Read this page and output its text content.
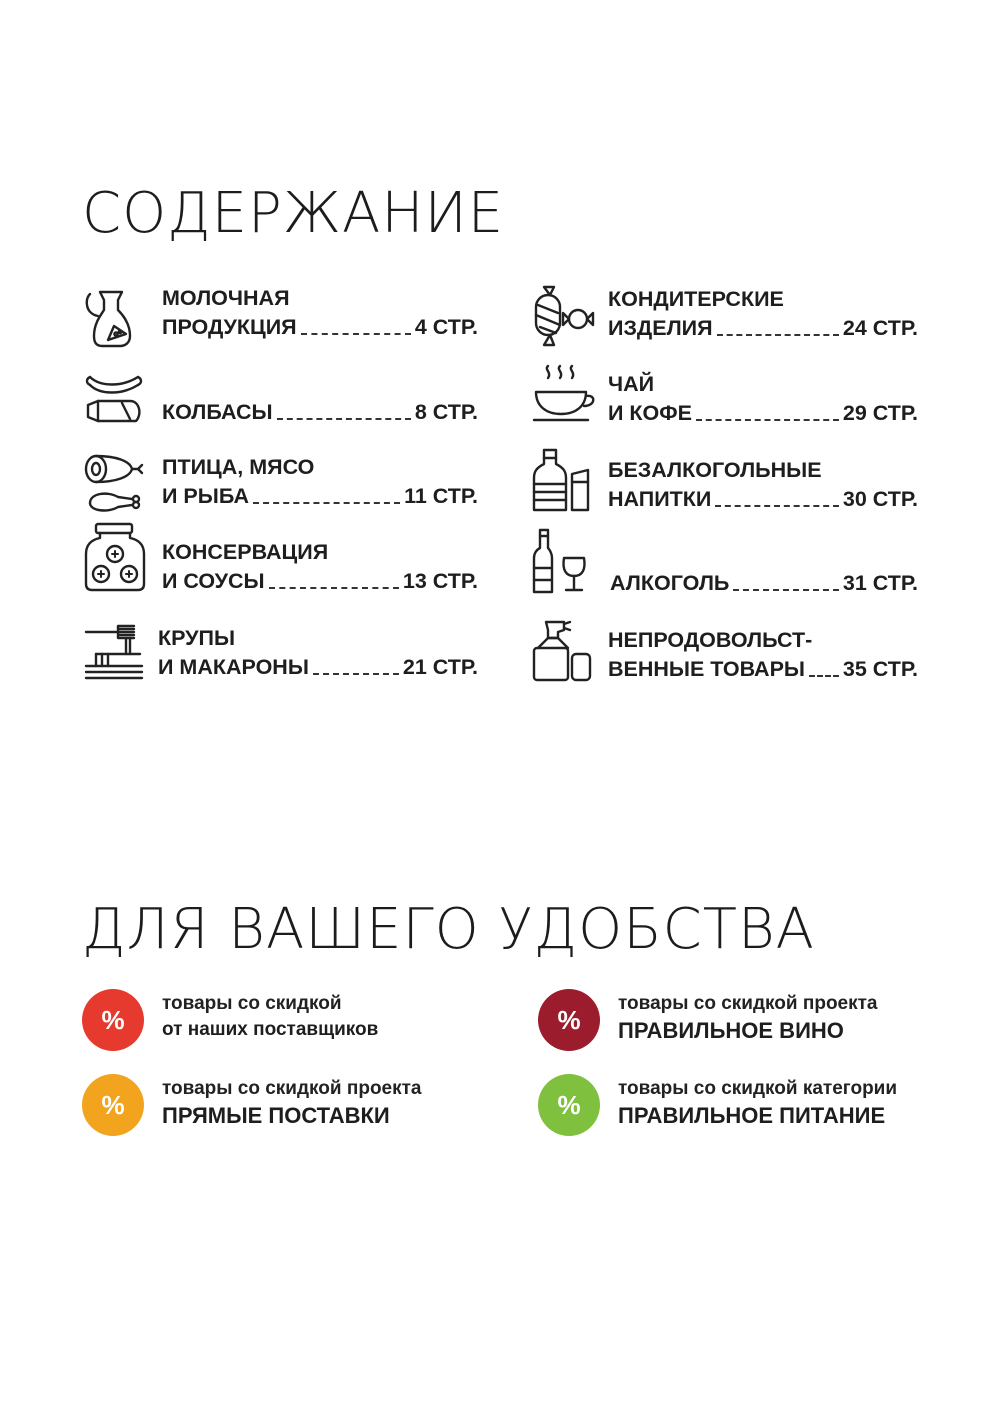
СОДЕРЖАНИЕ
МОЛОЧНАЯ
ПРОДУКЦИЯ	4 СТР.
КОЛБАСЫ	8 СТР.
ПТИЦА, МЯСО
И РЫБА	11 СТР.
КОНСЕРВАЦИЯ
И СОУСЫ	13 СТР.
КРУПЫ
И МАКАРОНЫ	21 СТР.
КОНДИТЕРСКИЕ
ИЗДЕЛИЯ	24 СТР.
ЧАЙ
И КОФЕ	29 СТР.
БЕЗАЛКОГОЛЬНЫЕ
НАПИТКИ	30 СТР.
АЛКОГОЛЬ	31 СТР.
НЕПРОДОВОЛЬСТ-
ВЕННЫЕ ТОВАРЫ 35 СТР.
ДЛЯ ВАШЕГО УДОБСТВА
%
товары со скидкой
от наших поставщиков	%
товары со скидкой проекта
ПРАВИЛЬНОЕ ВИНО
%
товары со скидкой проекта
ПРЯМЫЕ ПОСТАВКИ	%
товары со скидкой категории
ПРАВИЛЬНОЕ ПИТАНИЕ
